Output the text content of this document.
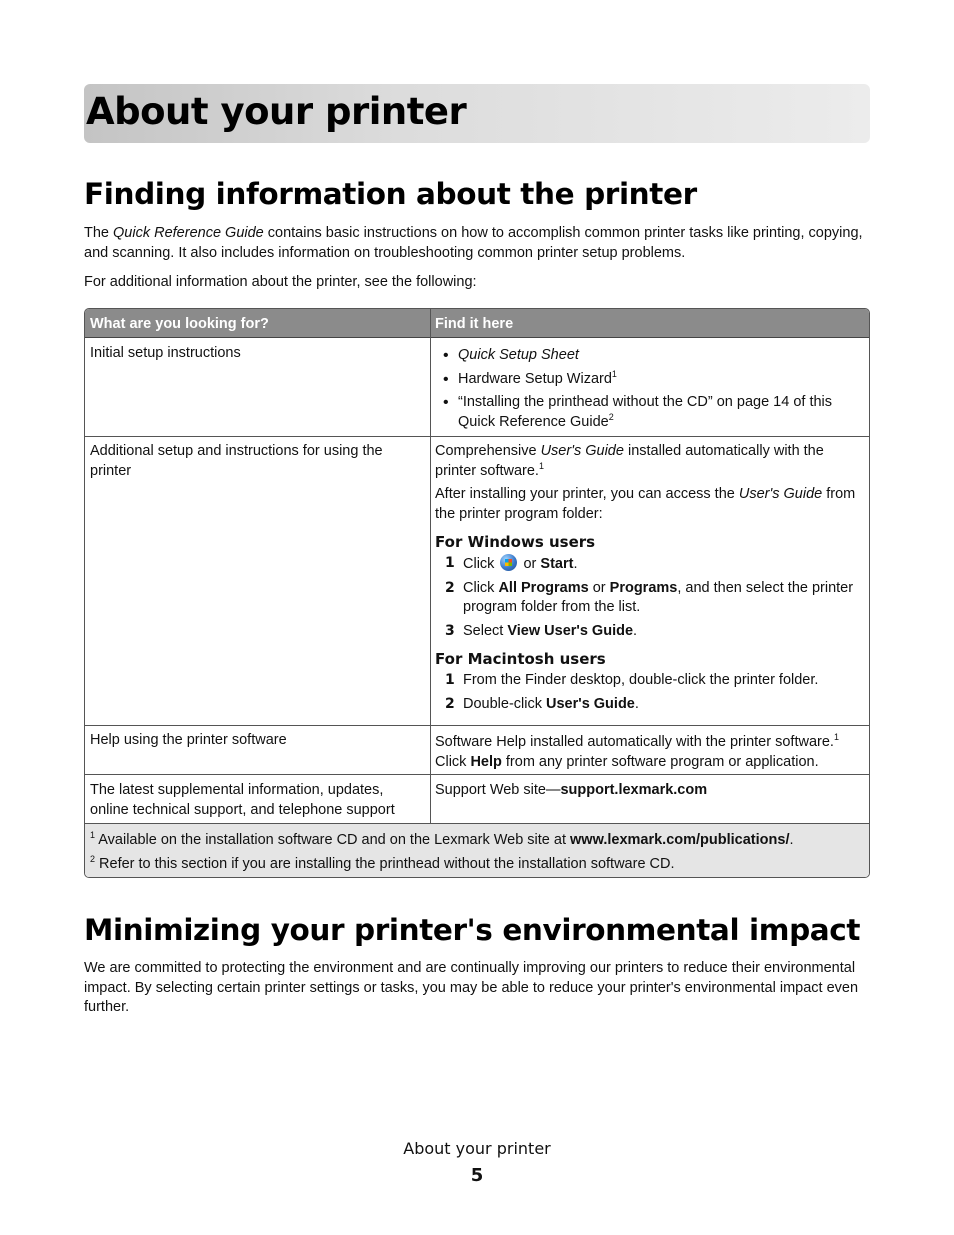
About your printer
Finding information about the printer

The Quick Reference Guide contains basic instructions on how to accomplish common printer tasks like printing, copying, and scanning. It also includes information on troubleshooting common printer setup problems.

For additional information about the printer, see the following:

What are you looking for?	Find it here
Initial setup instructions
•	Quick Setup Sheet
• Hardware Setup Wizard$^1$
• “Installing the printhead without the CD” on page 14 of this Quick Reference Guide$^2$
Additional setup and instructions for using the printer

Comprehensive User's Guide installed automatically with the printer software.$^1$

After installing your printer, you can access the User's Guide from the printer program folder:

For Windows users
1 Click  or Start.
2 Click All Programs or Programs, and then select the printer program folder from the list.
3 Select View User's Guide.
For Macintosh users
1 From the Finder desktop, double-click the printer folder.
2 Double-click User's Guide.
Help using the printer software	Software Help installed automatically with the printer software.$^1$

Click Help from any printer software program or application.

The latest supplemental information, updates, online technical support, and telephone support
Support Web site—support.lexmark.com
$^1$ Available on the installation software CD and on the Lexmark Web site at www.lexmark.com/publications/.
$^2$ Refer to this section if you are installing the printhead without the installation software CD.
Minimizing your printer's environmental impact

We are committed to protecting the environment and are continually improving our printers to reduce their environmental impact. By selecting certain printer settings or tasks, you may be able to reduce your printer's environmental impact even further.

About your printer
5
